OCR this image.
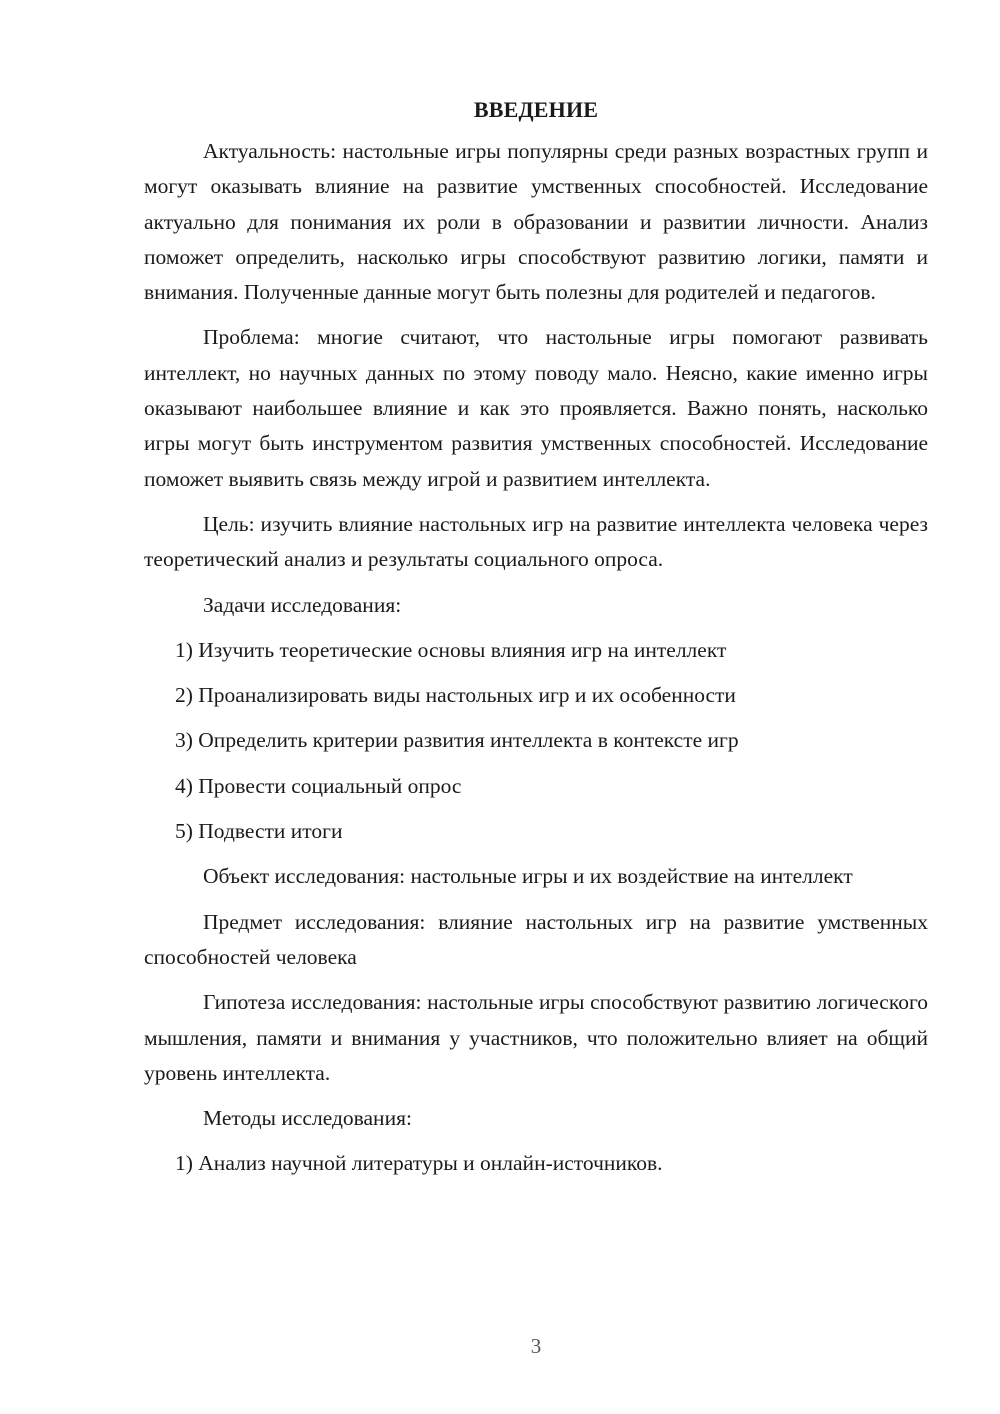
ВВЕДЕНИЕ

Актуальность: настольные игры популярны среди разных возрастных групп и могут оказывать влияние на развитие умственных способностей. Исследование актуально для понимания их роли в образовании и развитии личности. Анализ поможет определить, насколько игры способствуют развитию логики, памяти и внимания. Полученные данные могут быть полезны для родителей и педагогов.

Проблема: многие считают, что настольные игры помогают развивать интеллект, но научных данных по этому поводу мало. Неясно, какие именно игры оказывают наибольшее влияние и как это проявляется. Важно понять, насколько игры могут быть инструментом развития умственных способностей. Исследование поможет выявить связь между игрой и развитием интеллекта.

Цель: изучить влияние настольных игр на развитие интеллекта человека через теоретический анализ и результаты социального опроса.

Задачи исследования:

1) Изучить теоретические основы влияния игр на интеллект

2) Проанализировать виды настольных игр и их особенности

3) Определить критерии развития интеллекта в контексте игр

4) Провести социальный опрос

5) Подвести итоги

Объект исследования: настольные игры и их воздействие на интеллект

Предмет исследования: влияние настольных игр на развитие умственных способностей человека

Гипотеза исследования: настольные игры способствуют развитию логического мышления, памяти и внимания у участников, что положительно влияет на общий уровень интеллекта.

Методы исследования:

1) Анализ научной литературы и онлайн-источников.

3
